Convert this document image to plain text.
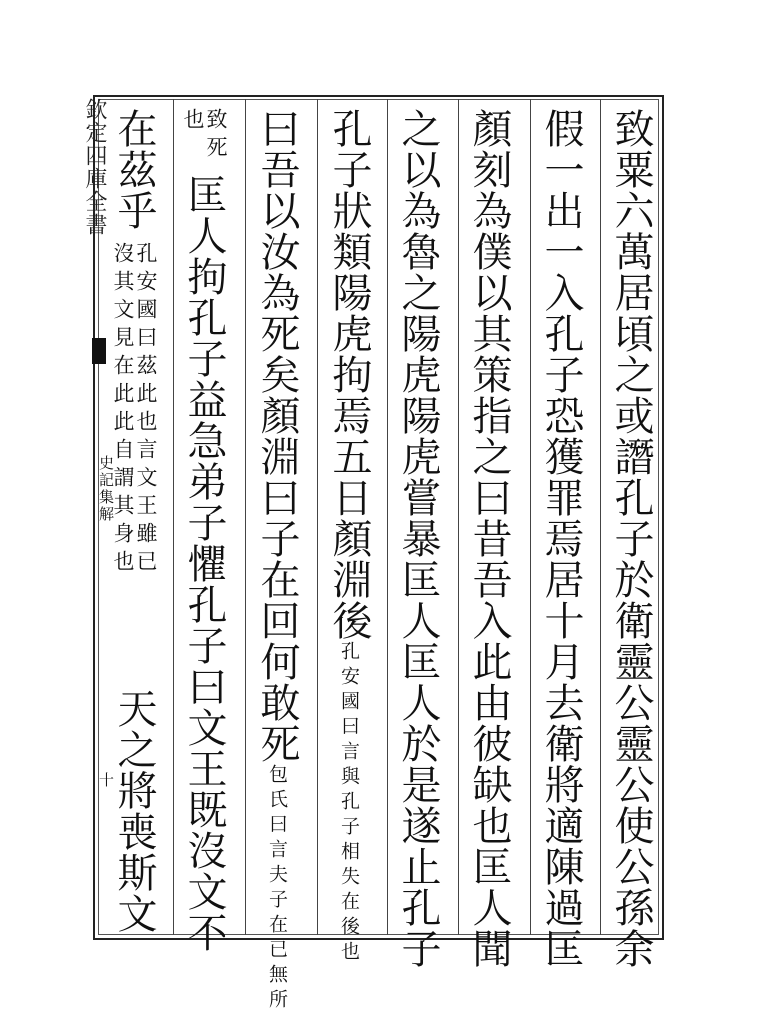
欽定四庫全書
史記集解
十	致粟六萬居頃之或譖孔子於衛靈公靈公使公孫余
假一出一入孔子恐獲罪焉居十月去衛將適陳過匡
顏刻為僕以其策指之曰昔吾入此由彼缺也匡人聞
之以為魯之陽虎陽虎嘗暴匡人匡人於是遂止孔子
孔子狀類陽虎拘焉五日顏淵後孔安國曰言與孔子相失在後也
曰吾以汝為死矣顏淵曰子在回何敢死包氏曰言夫子在已無所
致死
也
匡人拘孔子益急弟子懼孔子曰文王既沒文不
在茲乎
孔安國曰茲此也言文王雖已
沒其文見在此此自謂其身也
天之將喪斯文
